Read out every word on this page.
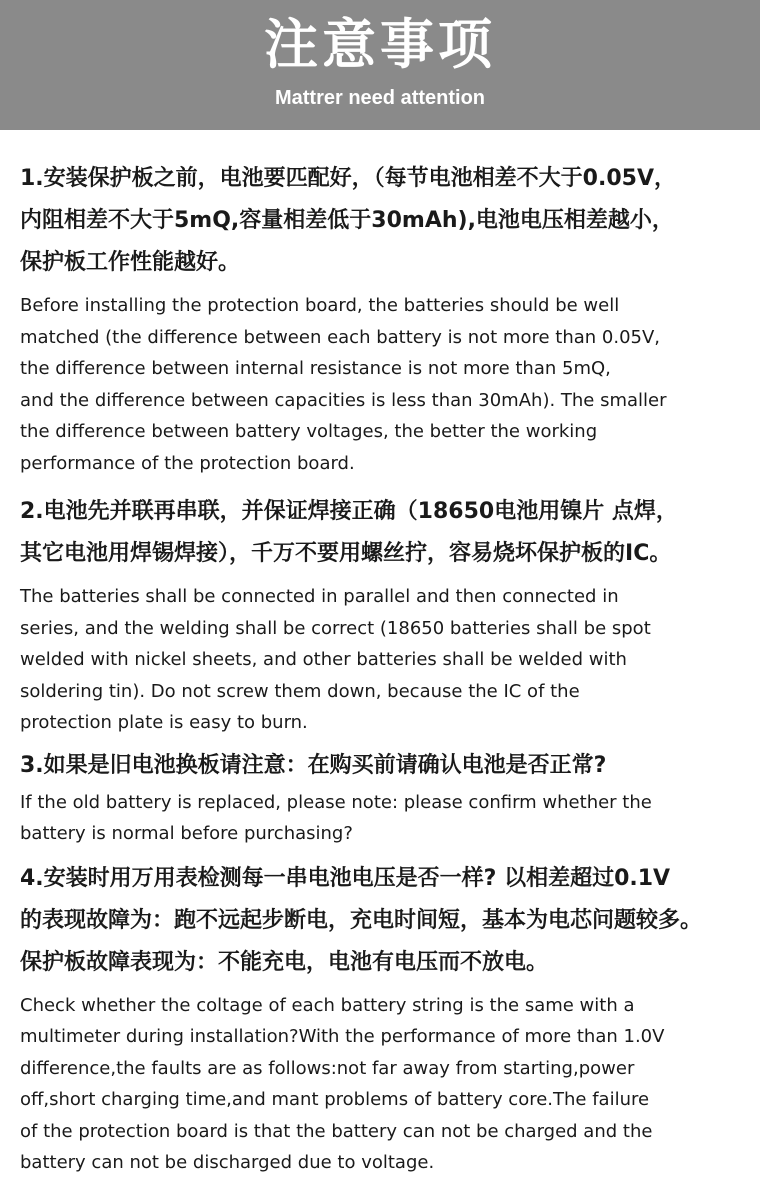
注意事项
Mattrer need attention
1.安装保护板之前，电池要匹配好，（每节电池相差不大于0.05V，
内阻相差不大于5mQ,容量相差低于30mAh),电池电压相差越小，
保护板工作性能越好。
Before installing the protection board, the batteries should be well
matched (the difference between each battery is not more than 0.05V,
the difference between internal resistance is not more than 5mQ,
and the difference between capacities is less than 30mAh). The smaller
the difference between battery voltages, the better the working
performance of the protection board.
2.电池先并联再串联，并保证焊接正确（18650电池用镍片 点焊，
其它电池用焊锡焊接），千万不要用螺丝拧，容易烧坏保护板的IC。
The batteries shall be connected in parallel and then connected in
series, and the welding shall be correct (18650 batteries shall be spot
welded with nickel sheets, and other batteries shall be welded with
soldering tin). Do not screw them down, because the IC of the
protection plate is easy to burn.
3.如果是旧电池换板请注意：在购买前请确认电池是否正常?
If the old battery is replaced, please note: please confirm whether the
battery is normal before purchasing?
4.安装时用万用表检测每一串电池电压是否一样? 以相差超过0.1V
的表现故障为：跑不远起步断电，充电时间短，基本为电芯问题较多。
保护板故障表现为：不能充电，电池有电压而不放电。
Check whether the coltage of each battery string is the same with a
multimeter during installation?With the performance of more than 1.0V
difference,the faults are as follows:not far away from starting,power
off,short charging time,and mant problems of battery core.The failure
of the protection board is that the battery can not be charged and the
battery can not be discharged due to voltage.
